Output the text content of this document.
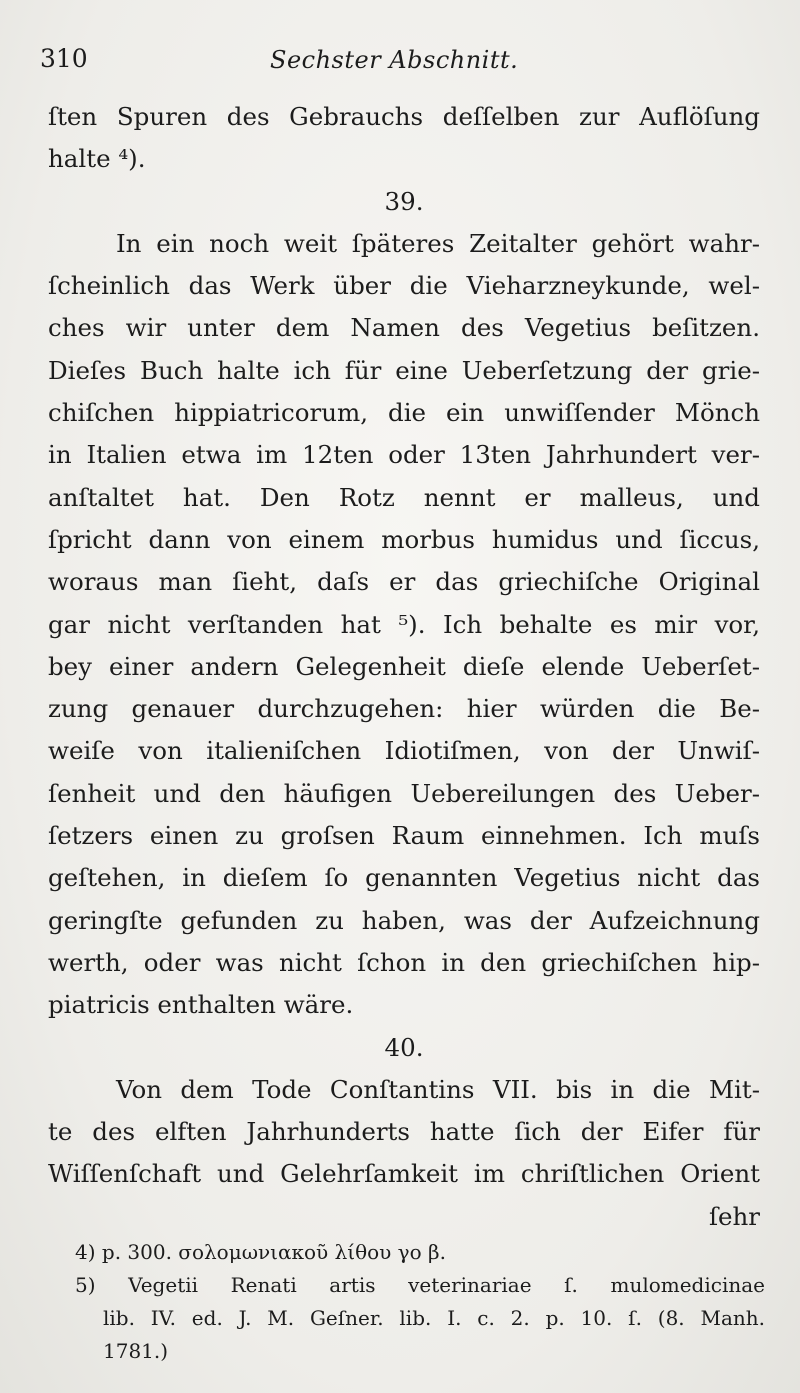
310	Sechster Abschnitt.
ſten Spuren des Gebrauchs deſſelben zur Auflöſung
halte ⁴).
39.
In ein noch weit ſpäteres Zeitalter gehört wahr-
ſcheinlich das Werk über die Vieharzneykunde, wel-
ches wir unter dem Namen des Vegetius beſitzen.
Dieſes Buch halte ich für eine Ueberſetzung der grie-
chiſchen hippiatricorum, die ein unwiſſender Mönch
in Italien etwa im 12ten oder 13ten Jahrhundert ver-
anſtaltet hat. Den Rotz nennt er malleus, und
ſpricht dann von einem morbus humidus und ſiccus,
woraus man ſieht, daſs er das griechiſche Original
gar nicht verſtanden hat ⁵). Ich behalte es mir vor,
bey einer andern Gelegenheit dieſe elende Ueberſet-
zung genauer durchzugehen: hier würden die Be-
weiſe von italieniſchen Idiotiſmen, von der Unwiſ-
ſenheit und den häufigen Uebereilungen des Ueber-
ſetzers einen zu groſsen Raum einnehmen. Ich muſs
geſtehen, in dieſem ſo genannten Vegetius nicht das
geringſte gefunden zu haben, was der Aufzeichnung
werth, oder was nicht ſchon in den griechiſchen hip-
piatricis enthalten wäre.
40.
Von dem Tode Conſtantins VII. bis in die Mit-
te des elften Jahrhunderts hatte ſich der Eifer für
Wiſſenſchaft und Gelehrſamkeit im chriſtlichen Orient
ſehr
4) p. 300. σολομωνιακοῦ λίθου γο β.
5) Vegetii Renati artis veterinariae ſ. mulomedicinae
lib. IV. ed. J. M. Geſner. lib. I. c. 2. p. 10. ſ. (8. Manh.
1781.)
